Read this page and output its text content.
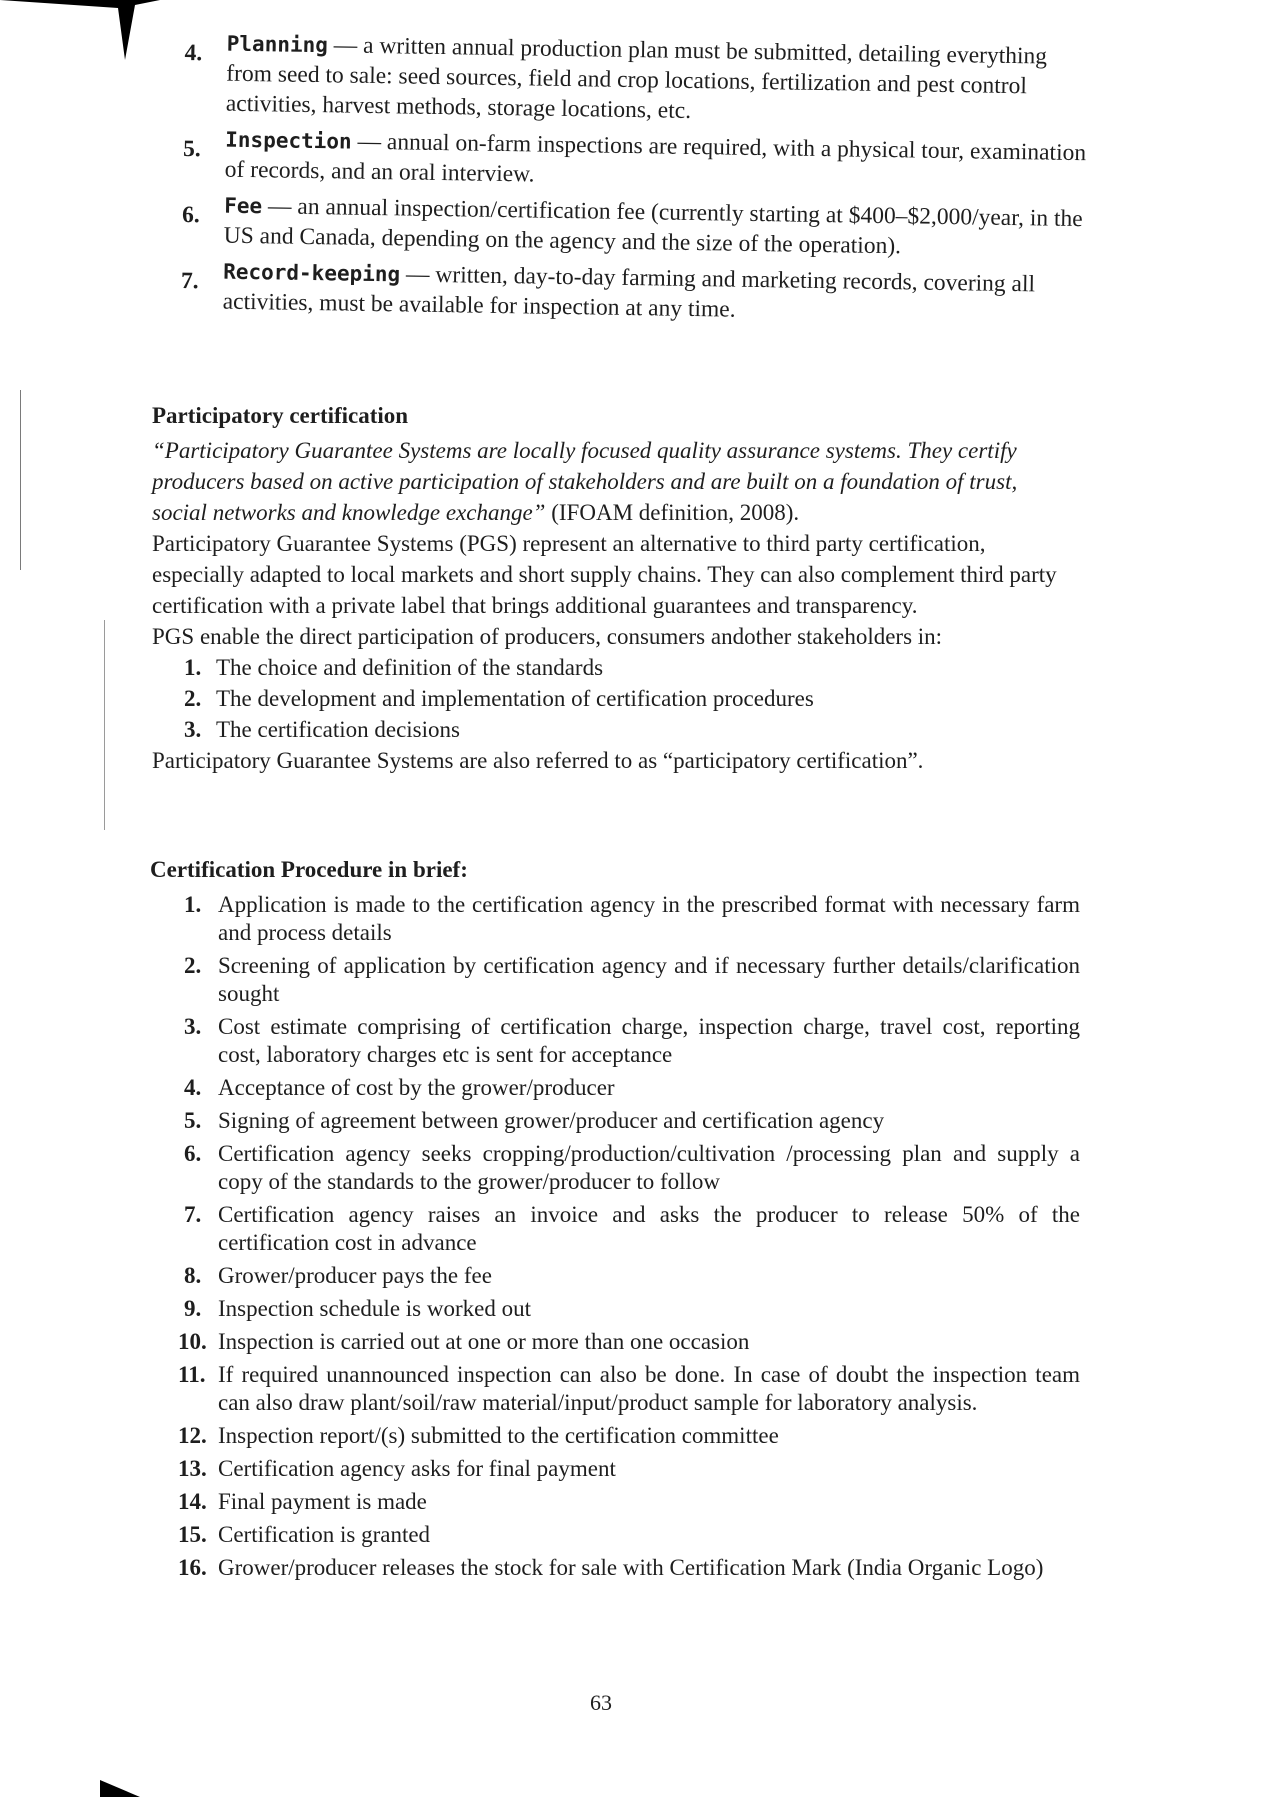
4. Planning — a written annual production plan must be submitted, detailing everything from seed to sale: seed sources, field and crop locations, fertilization and pest control activities, harvest methods, storage locations, etc.
5. Inspection — annual on-farm inspections are required, with a physical tour, examination of records, and an oral interview.
6. Fee — an annual inspection/certification fee (currently starting at $400–$2,000/year, in the US and Canada, depending on the agency and the size of the operation).
7. Record-keeping — written, day-to-day farming and marketing records, covering all activities, must be available for inspection at any time.
Participatory certification

“Participatory Guarantee Systems are locally focused quality assurance systems. They certify producers based on active participation of stakeholders and are built on a foundation of trust, social networks and knowledge exchange” (IFOAM definition, 2008).

Participatory Guarantee Systems (PGS) represent an alternative to third party certification, especially adapted to local markets and short supply chains. They can also complement third party certification with a private label that brings additional guarantees and transparency.

PGS enable the direct participation of producers, consumers andother stakeholders in:

1. The choice and definition of the standards
2. The development and implementation of certification procedures
3. The certification decisions

Participatory Guarantee Systems are also referred to as “participatory certification”.

Certification Procedure in brief:
1. Application is made to the certification agency in the prescribed format with necessary farm and process details
2. Screening of application by certification agency and if necessary further details/clarification sought
3. Cost estimate comprising of certification charge, inspection charge, travel cost, reporting cost, laboratory charges etc is sent for acceptance
4. Acceptance of cost by the grower/producer
5. Signing of agreement between grower/producer and certification agency
6. Certification agency seeks cropping/production/cultivation /processing plan and supply a copy of the standards to the grower/producer to follow
7. Certification agency raises an invoice and asks the producer to release 50% of the certification cost in advance
8. Grower/producer pays the fee
9. Inspection schedule is worked out
10. Inspection is carried out at one or more than one occasion
11. If required unannounced inspection can also be done. In case of doubt the inspection team can also draw plant/soil/raw material/input/product sample for laboratory analysis.
12. Inspection report/(s) submitted to the certification committee
13. Certification agency asks for final payment
14. Final payment is made
15. Certification is granted
16. Grower/producer releases the stock for sale with Certification Mark (India Organic Logo)
63
